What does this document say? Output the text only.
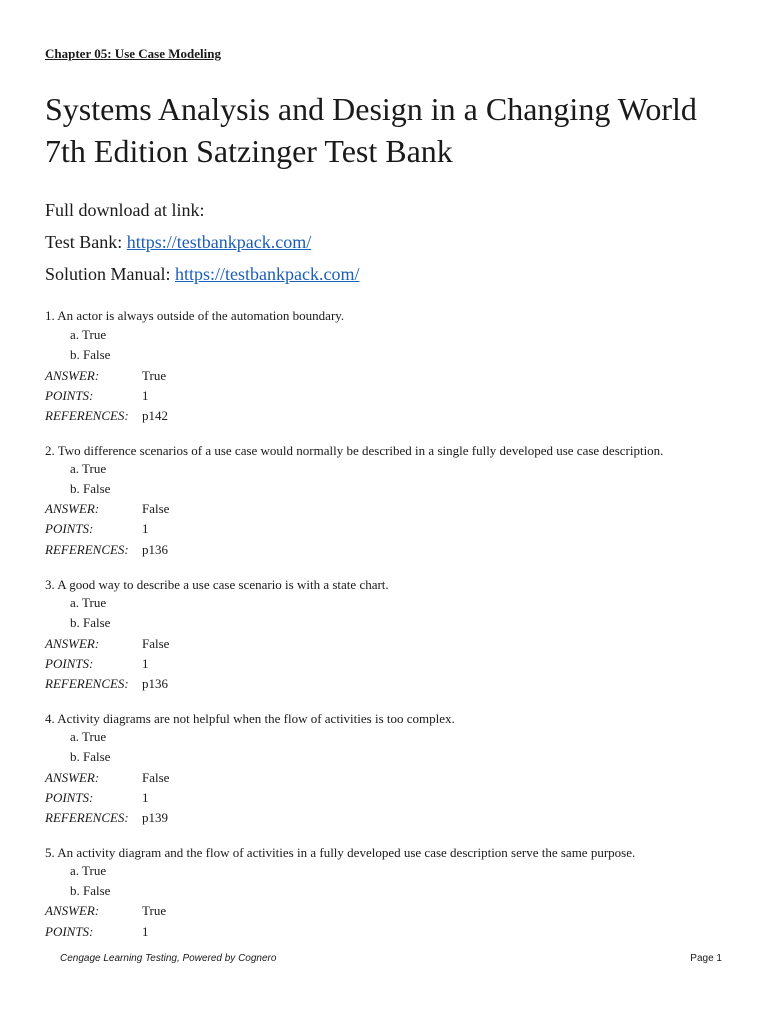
Chapter 05: Use Case Modeling
Systems Analysis and Design in a Changing World 7th Edition Satzinger Test Bank
Full download at link:
Test Bank: https://testbankpack.com/
Solution Manual: https://testbankpack.com/
1. An actor is always outside of the automation boundary.
a. True
b. False
ANSWER:	True
POINTS:	1
REFERENCES: p142
2. Two difference scenarios of a use case would normally be described in a single fully developed use case description.
a. True
b. False
ANSWER:	False
POINTS:	1
REFERENCES: p136
3. A good way to describe a use case scenario is with a state chart.
a. True
b. False
ANSWER:	False
POINTS:	1
REFERENCES: p136
4. Activity diagrams are not helpful when the flow of activities is too complex.
a. True
b. False
ANSWER:	False
POINTS:	1
REFERENCES: p139
5. An activity diagram and the flow of activities in a fully developed use case description serve the same purpose.
a. True
b. False
ANSWER:	True
POINTS:	1
Cengage Learning Testing, Powered by Cognero	Page 1
